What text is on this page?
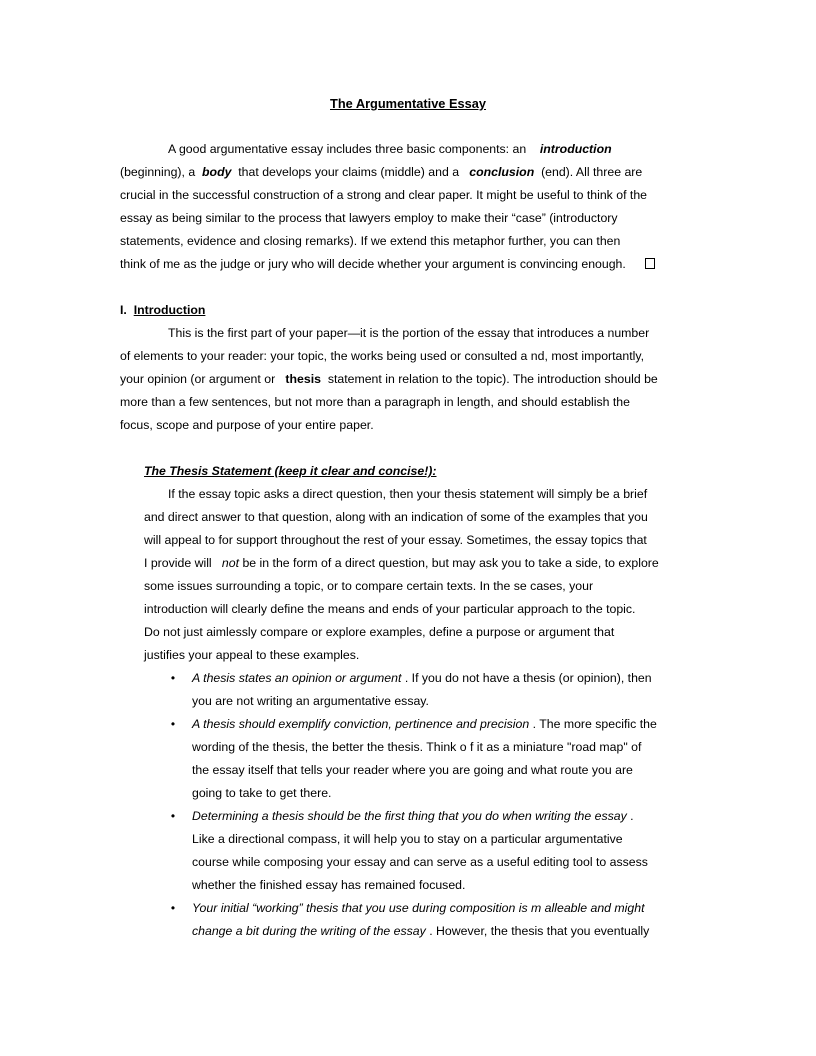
The Argumentative Essay
A good argumentative essay includes three basic components: an introduction
(beginning), a body that develops your claims (middle) and a conclusion (end). All three are
crucial in the successful construction of a strong and clear paper. It might be useful to think of the
essay as being similar to the process that lawyers employ to make their “case” (introductory
statements, evidence and closing remarks). If we extend this metaphor further, you can then
think of me as the judge or jury who will decide whether your argument is convincing enough.
I. Introduction
This is the first part of your paper—it is the portion of the essay that introduces a number
of elements to your reader: your topic, the works being used or consulted a nd, most importantly,
your opinion (or argument or thesis statement in relation to the topic). The introduction should be
more than a few sentences, but not more than a paragraph in length, and should establish the
focus, scope and purpose of your entire paper.
The Thesis Statement (keep it clear and concise!):
If the essay topic asks a direct question, then your thesis statement will simply be a brief
and direct answer to that question, along with an indication of some of the examples that you
will appeal to for support throughout the rest of your essay. Sometimes, the essay topics that
I provide will not be in the form of a direct question, but may ask you to take a side, to explore
some issues surrounding a topic, or to compare certain texts. In the se cases, your
introduction will clearly define the means and ends of your particular approach to the topic.
Do not just aimlessly compare or explore examples, define a purpose or argument that
justifies your appeal to these examples.
•	A thesis states an opinion or argument . If you do not have a thesis (or opinion), then
you are not writing an argumentative essay.
•	A thesis should exemplify conviction, pertinence and precision . The more specific the
wording of the thesis, the better the thesis. Think o f it as a miniature "road map" of
the essay itself that tells your reader where you are going and what route you are
going to take to get there.
•	Determining a thesis should be the first thing that you do when writing the essay .
Like a directional compass, it will help you to stay on a particular argumentative
course while composing your essay and can serve as a useful editing tool to assess
whether the finished essay has remained focused.
•	Your initial “working” thesis that you use during composition is m alleable and might
change a bit during the writing of the essay . However, the thesis that you eventually
